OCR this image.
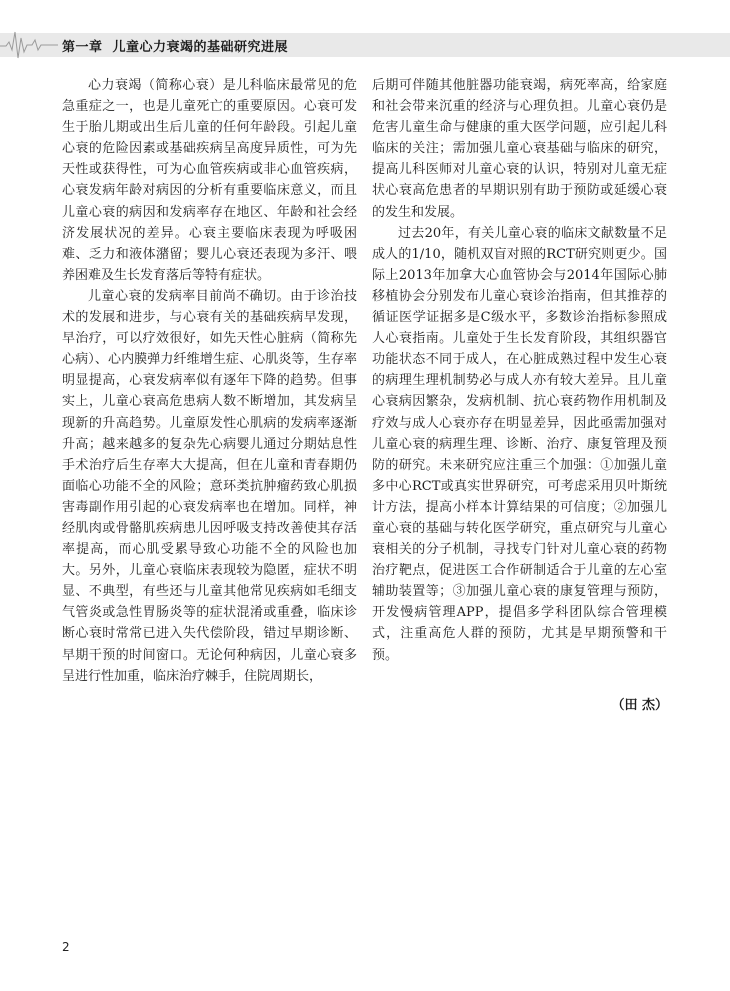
第一章 儿童心力衰竭的基础研究进展

心力衰竭（简称心衰）是儿科临床最常见的危急重症之一，也是儿童死亡的重要原因。心衰可发生于胎儿期或出生后儿童的任何年龄段。引起儿童心衰的危险因素或基础疾病呈高度异质性，可为先天性或获得性，可为心血管疾病或非心血管疾病，心衰发病年龄对病因的分析有重要临床意义，而且儿童心衰的病因和发病率存在地区、年龄和社会经济发展状况的差异。心衰主要临床表现为呼吸困难、乏力和液体潴留；婴儿心衰还表现为多汗、喂养困难及生长发育落后等特有症状。

儿童心衰的发病率目前尚不确切。由于诊治技术的发展和进步，与心衰有关的基础疾病早发现，早治疗，可以疗效很好，如先天性心脏病（简称先心病）、心内膜弹力纤维增生症、心肌炎等，生存率明显提高，心衰发病率似有逐年下降的趋势。但事实上，儿童心衰高危患病人数不断增加，其发病呈现新的升高趋势。儿童原发性心肌病的发病率逐渐升高；越来越多的复杂先心病婴儿通过分期姑息性手术治疗后生存率大大提高，但在儿童和青春期仍面临心功能不全的风险；意环类抗肿瘤药致心肌损害毒副作用引起的心衰发病率也在增加。同样，神经肌肉或骨骼肌疾病患儿因呼吸支持改善使其存活率提高，而心肌受累导致心功能不全的风险也加大。另外，儿童心衰临床表现较为隐匿，症状不明显、不典型，有些还与儿童其他常见疾病如毛细支气管炎或急性胃肠炎等的症状混淆或重叠，临床诊断心衰时常常已进入失代偿阶段，错过早期诊断、早期干预的时间窗口。无论何种病因，儿童心衰多呈进行性加重，临床治疗棘手，住院周期长，

后期可伴随其他脏器功能衰竭，病死率高，给家庭和社会带来沉重的经济与心理负担。儿童心衰仍是危害儿童生命与健康的重大医学问题，应引起儿科临床的关注；需加强儿童心衰基础与临床的研究，提高儿科医师对儿童心衰的认识，特别对儿童无症状心衰高危患者的早期识别有助于预防或延缓心衰的发生和发展。

过去20年，有关儿童心衰的临床文献数量不足成人的1/10，随机双盲对照的RCT研究则更少。国际上2013年加拿大心血管协会与2014年国际心肺移植协会分别发布儿童心衰诊治指南，但其推荐的循证医学证据多是C级水平，多数诊治指标参照成人心衰指南。儿童处于生长发育阶段，其组织器官功能状态不同于成人，在心脏成熟过程中发生心衰的病理生理机制势必与成人亦有较大差异。且儿童心衰病因繁杂，发病机制、抗心衰药物作用机制及疗效与成人心衰亦存在明显差异，因此亟需加强对儿童心衰的病理生理、诊断、治疗、康复管理及预防的研究。未来研究应注重三个加强：①加强儿童多中心RCT或真实世界研究，可考虑采用贝叶斯统计方法，提高小样本计算结果的可信度；②加强儿童心衰的基础与转化医学研究，重点研究与儿童心衰相关的分子机制，寻找专门针对儿童心衰的药物治疗靶点，促进医工合作研制适合于儿童的左心室辅助装置等；③加强儿童心衰的康复管理与预防，开发慢病管理APP，提倡多学科团队综合管理模式，注重高危人群的预防，尤其是早期预警和干预。

（田 杰）
2
